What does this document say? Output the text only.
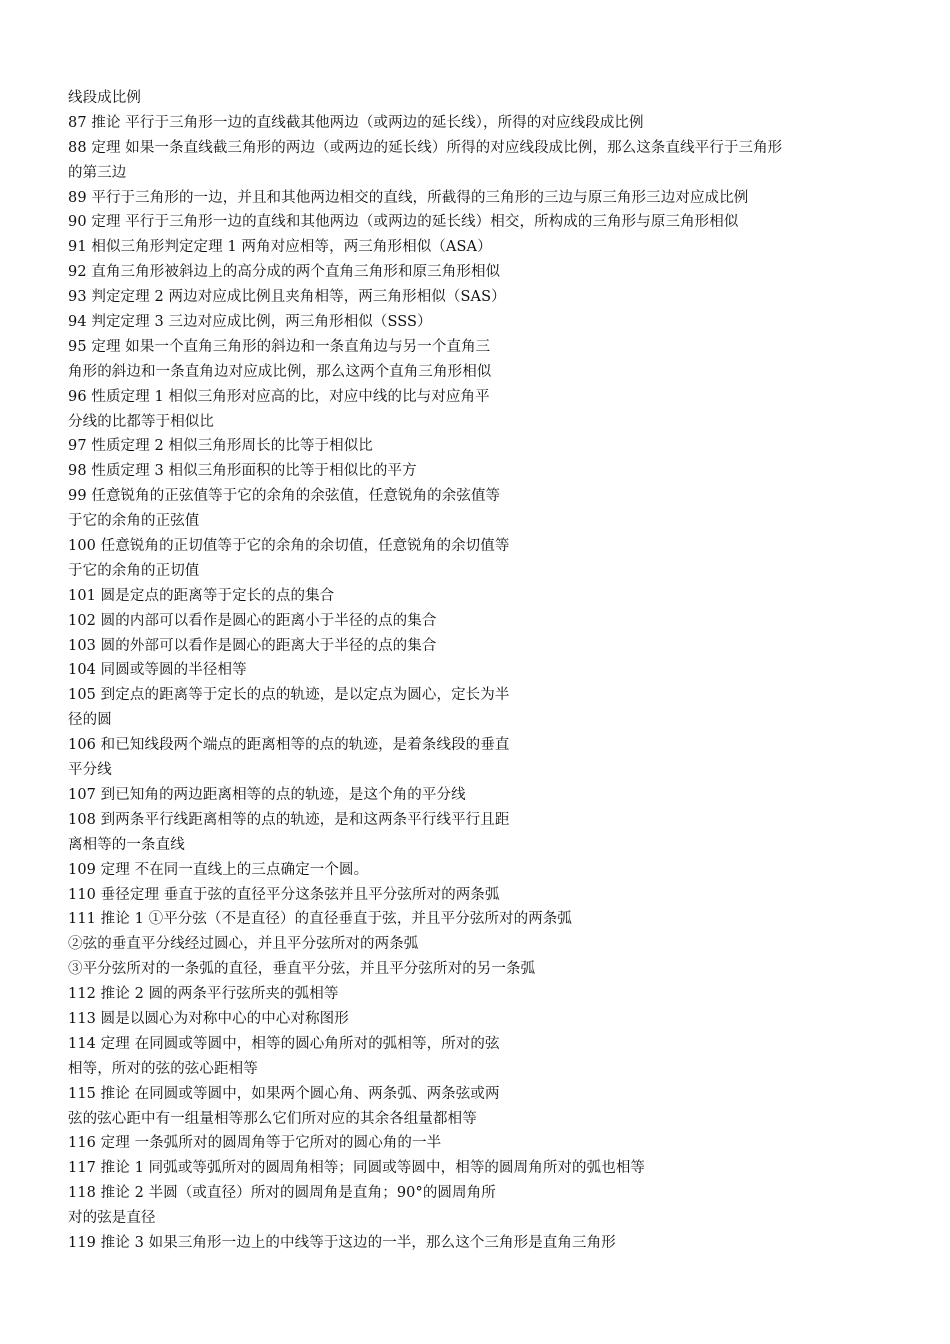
线段成比例
87 推论 平行于三角形一边的直线截其他两边（或两边的延长线），所得的对应线段成比例
88 定理 如果一条直线截三角形的两边（或两边的延长线）所得的对应线段成比例，那么这条直线平行于三角形
的第三边
89 平行于三角形的一边，并且和其他两边相交的直线，所截得的三角形的三边与原三角形三边对应成比例
90 定理 平行于三角形一边的直线和其他两边（或两边的延长线）相交，所构成的三角形与原三角形相似
91 相似三角形判定定理 1 两角对应相等，两三角形相似（ASA）
92 直角三角形被斜边上的高分成的两个直角三角形和原三角形相似
93 判定定理 2 两边对应成比例且夹角相等，两三角形相似（SAS）
94 判定定理 3 三边对应成比例，两三角形相似（SSS）
95 定理 如果一个直角三角形的斜边和一条直角边与另一个直角三
角形的斜边和一条直角边对应成比例，那么这两个直角三角形相似
96 性质定理 1 相似三角形对应高的比，对应中线的比与对应角平
分线的比都等于相似比
97 性质定理 2 相似三角形周长的比等于相似比
98 性质定理 3 相似三角形面积的比等于相似比的平方
99 任意锐角的正弦值等于它的余角的余弦值，任意锐角的余弦值等
于它的余角的正弦值
100 任意锐角的正切值等于它的余角的余切值，任意锐角的余切值等
于它的余角的正切值
101 圆是定点的距离等于定长的点的集合
102 圆的内部可以看作是圆心的距离小于半径的点的集合
103 圆的外部可以看作是圆心的距离大于半径的点的集合
104 同圆或等圆的半径相等
105 到定点的距离等于定长的点的轨迹，是以定点为圆心，定长为半
径的圆
106 和已知线段两个端点的距离相等的点的轨迹，是着条线段的垂直
平分线
107 到已知角的两边距离相等的点的轨迹，是这个角的平分线
108 到两条平行线距离相等的点的轨迹，是和这两条平行线平行且距
离相等的一条直线
109 定理 不在同一直线上的三点确定一个圆。
110 垂径定理 垂直于弦的直径平分这条弦并且平分弦所对的两条弧
111 推论 1 ①平分弦（不是直径）的直径垂直于弦，并且平分弦所对的两条弧
②弦的垂直平分线经过圆心，并且平分弦所对的两条弧
③平分弦所对的一条弧的直径，垂直平分弦，并且平分弦所对的另一条弧
112 推论 2 圆的两条平行弦所夹的弧相等
113 圆是以圆心为对称中心的中心对称图形
114 定理 在同圆或等圆中，相等的圆心角所对的弧相等，所对的弦
相等，所对的弦的弦心距相等
115 推论 在同圆或等圆中，如果两个圆心角、两条弧、两条弦或两
弦的弦心距中有一组量相等那么它们所对应的其余各组量都相等
116 定理 一条弧所对的圆周角等于它所对的圆心角的一半
117 推论 1 同弧或等弧所对的圆周角相等；同圆或等圆中，相等的圆周角所对的弧也相等
118 推论 2 半圆（或直径）所对的圆周角是直角；90°的圆周角所
对的弦是直径
119 推论 3 如果三角形一边上的中线等于这边的一半，那么这个三角形是直角三角形
